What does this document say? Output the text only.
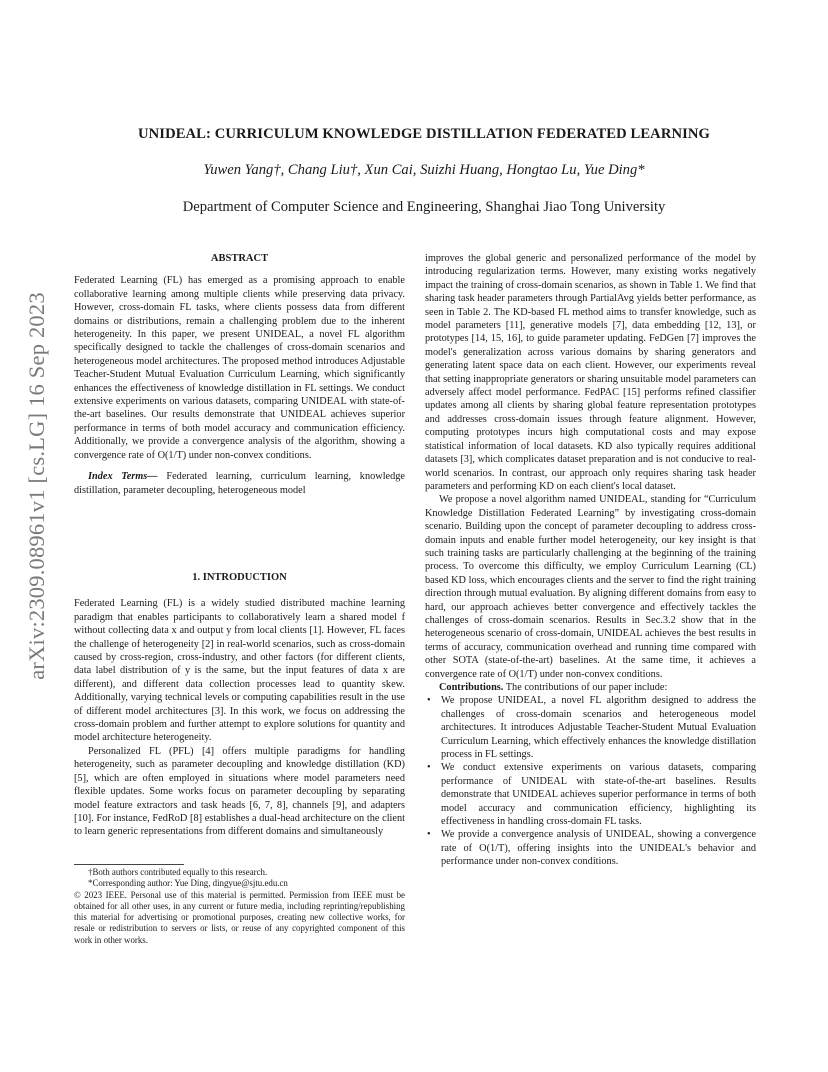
arXiv:2309.08961v1 [cs.LG] 16 Sep 2023
UNIDEAL: CURRICULUM KNOWLEDGE DISTILLATION FEDERATED LEARNING
Yuwen Yang†, Chang Liu†, Xun Cai, Suizhi Huang, Hongtao Lu, Yue Ding*
Department of Computer Science and Engineering, Shanghai Jiao Tong University

ABSTRACT

Federated Learning (FL) has emerged as a promising approach to enable collaborative learning among multiple clients while preserving data privacy. However, cross-domain FL tasks, where clients possess data from different domains or distributions, remain a challenging problem due to the inherent heterogeneity. In this paper, we present UNIDEAL, a novel FL algorithm specifically designed to tackle the challenges of cross-domain scenarios and heterogeneous model architectures. The proposed method introduces Adjustable Teacher-Student Mutual Evaluation Curriculum Learning, which significantly enhances the effectiveness of knowledge distillation in FL settings. We conduct extensive experiments on various datasets, comparing UNIDEAL with state-of-the-art baselines. Our results demonstrate that UNIDEAL achieves superior performance in terms of both model accuracy and communication efficiency. Additionally, we provide a convergence analysis of the algorithm, showing a convergence rate of O(1/T) under non-convex conditions.

Index Terms— Federated learning, curriculum learning, knowledge distillation, parameter decoupling, heterogeneous model

1. INTRODUCTION

Federated Learning (FL) is a widely studied distributed machine learning paradigm that enables participants to collaboratively learn a shared model f without collecting data x and output y from local clients [1]. However, FL faces the challenge of heterogeneity [2] in real-world scenarios, such as cross-domain caused by cross-region, cross-industry, and other factors (for different clients, data label distribution of y is the same, but the input features of data x are different), and different data collection processes lead to quantity skew. Additionally, varying technical levels or computing capabilities result in the use of different model architectures [3]. In this work, we focus on addressing the cross-domain problem and further attempt to explore solutions for quantity and model architecture heterogeneity.

Personalized FL (PFL) [4] offers multiple paradigms for handling heterogeneity, such as parameter decoupling and knowledge distillation (KD) [5], which are often employed in situations where model parameters need flexible updates. Some works focus on parameter decoupling by separating model feature extractors and task heads [6, 7, 8], channels [9], and adapters [10]. For instance, FedRoD [8] establishes a dual-head architecture on the client to learn generic representations from different domains and simultaneously

†Both authors contributed equally to this research.

*Corresponding author: Yue Ding, dingyue@sjtu.edu.cn

© 2023 IEEE. Personal use of this material is permitted. Permission from IEEE must be obtained for all other uses, in any current or future media, including reprinting/republishing this material for advertising or promotional purposes, creating new collective works, for resale or redistribution to servers or lists, or reuse of any copyrighted component of this work in other works.

improves the global generic and personalized performance of the model by introducing regularization terms. However, many existing works negatively impact the training of cross-domain scenarios, as shown in Table 1. We find that sharing task header parameters through PartialAvg yields better performance, as seen in Table 2. The KD-based FL method aims to transfer knowledge, such as model parameters [11], generative models [7], data embedding [12, 13], or prototypes [14, 15, 16], to guide parameter updating. FeDGen [7] improves the model's generalization across various domains by sharing generators and generating latent space data on each client. However, our experiments reveal that setting inappropriate generators or sharing unsuitable model parameters can adversely affect model performance. FedPAC [15] performs refined classifier updates among all clients by sharing global feature representation prototypes and addresses cross-domain issues through feature alignment. However, computing prototypes incurs high computational costs and may expose statistical information of local datasets. KD also typically requires additional datasets [3], which complicates dataset preparation and is not conducive to real-world scenarios. In contrast, our approach only requires sharing task header parameters and performing KD on each client's local dataset.

We propose a novel algorithm named UNIDEAL, standing for “Curriculum Knowledge Distillation Federated Learning” by investigating cross-domain scenario. Building upon the concept of parameter decoupling to address cross-domain inputs and enable further model heterogeneity, our key insight is that such training tasks are particularly challenging at the beginning of the training process. To overcome this difficulty, we employ Curriculum Learning (CL) based KD loss, which encourages clients and the server to find the right training direction through mutual evaluation. By aligning different domains from easy to hard, our approach achieves better convergence and effectively tackles the challenges of cross-domain scenarios. Results in Sec.3.2 show that in the heterogeneous scenario of cross-domain, UNIDEAL achieves the best results in terms of accuracy, communication overhead and running time compared with other SOTA (state-of-the-art) baselines. At the same time, it achieves a convergence rate of O(1/T) under non-convex conditions.

Contributions. The contributions of our paper include:

• We propose UNIDEAL, a novel FL algorithm designed to address the challenges of cross-domain scenarios and heterogeneous model architectures. It introduces Adjustable Teacher-Student Mutual Evaluation Curriculum Learning, which effectively enhances the knowledge distillation process in FL settings.
• We conduct extensive experiments on various datasets, comparing performance of UNIDEAL with state-of-the-art baselines. Results demonstrate that UNIDEAL achieves superior performance in terms of both model accuracy and communication efficiency, highlighting its effectiveness in handling cross-domain FL tasks.
• We provide a convergence analysis of UNIDEAL, showing a convergence rate of O(1/T), offering insights into the UNIDEAL's behavior and performance under non-convex conditions.
